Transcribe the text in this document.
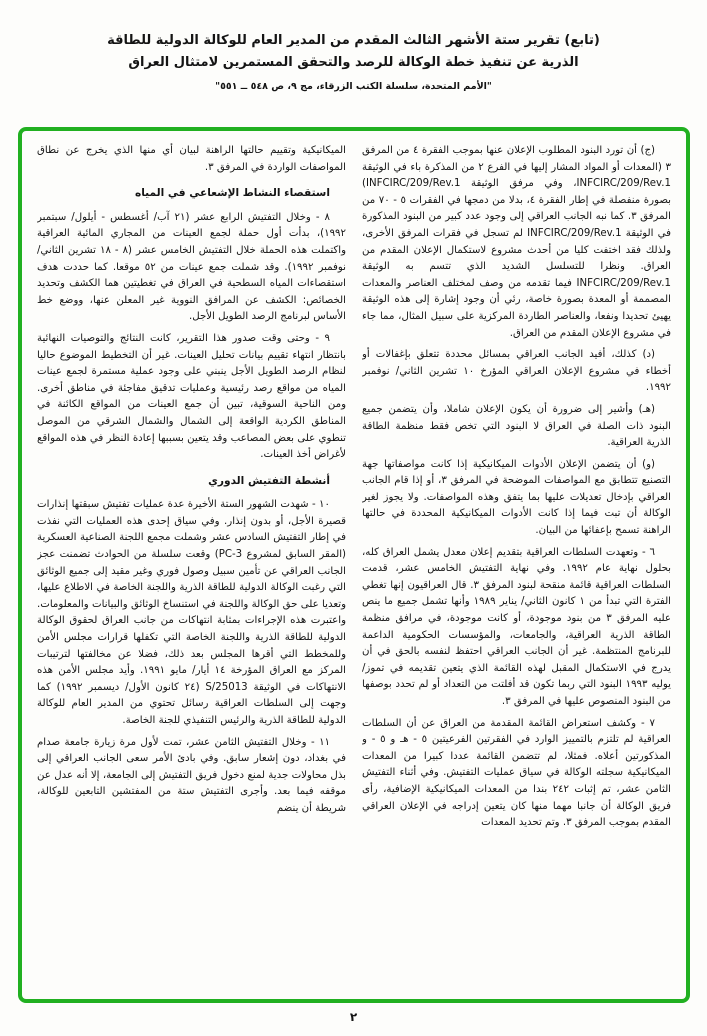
(تابع) تقرير ستة الأشهر الثالث المقدم من المدير العام للوكالة الدولية للطاقة
الذرية عن تنفيذ خطة الوكالة للرصد والتحقق المستمرين لامتثال العراق
"الأمم المتحدة، سلسلة الكتب الزرقاء، مج ٩، ص ٥٤٨ ــ ٥٥١"
(ج) أن تورد البنود المطلوب الإعلان عنها بموجب الفقرة ٤ من المرفق ٣ (المعدات أو المواد المشار إليها في الفرع ٢ من المذكرة باء في الوثيقة INFCIRC/209/Rev.1، وفي مرفق الوثيقة INFCIRC/209/Rev.1) بصورة منفصلة في إطار الفقرة ٤، بدلا من دمجها في الفقرات ٥ - ٧٠ من المرفق ٣. كما نبه الجانب العراقي إلى وجود عدد كبير من البنود المذكورة في الوثيقة INFCIRC/209/Rev.1 لم تسجل في فقرات المرفق الأخرى، ولذلك فقد اختفت كليا من أحدث مشروع لاستكمال الإعلان المقدم من العراق. ونظرا للتسلسل الشديد الذي تتسم به الوثيقة INFCIRC/209/Rev.1 فيما تقدمه من وصف لمختلف العناصر والمعدات المصممة أو المعدة بصورة خاصة، رئي أن وجود إشارة إلى هذه الوثيقة يهيئ تحديدا ونفعا، والعناصر الطاردة المركزية على سبيل المثال، مما جاء في مشروع الإعلان المقدم من العراق.
(د) كذلك، أفيد الجانب العراقي بمسائل محددة تتعلق بإغفالات أو أخطاء في مشروع الإعلان العراقي المؤرخ ١٠ تشرين الثاني/ نوفمبر ١٩٩٢.
(هـ) وأشير إلى ضرورة أن يكون الإعلان شاملا، وأن يتضمن جميع البنود ذات الصلة في العراق لا البنود التي تخص فقط منظمة الطاقة الذرية العراقية.
(و) أن يتضمن الإعلان الأدوات الميكانيكية إذا كانت مواصفاتها جهة التصنيع تتطابق مع المواصفات الموضحة في المرفق ٣، أو إذا قام الجانب العراقي بإدخال تعديلات عليها بما يتفق وهذه المواصفات. ولا يجوز لغير الوكالة أن تبت فيما إذا كانت الأدوات الميكانيكية المحددة في حالتها الراهنة تسمح بإعفائها من البيان.
٦ - وتعهدت السلطات العراقية بتقديم إعلان معدل يشمل العراق كله، بحلول نهاية عام ١٩٩٢. وفي نهاية التفتيش الخامس عشر، قدمت السلطات العراقية قائمة منقحة لبنود المرفق ٣. قال العراقيون إنها تغطي الفترة التي تبدأ من ١ كانون الثاني/ يناير ١٩٨٩ وأنها تشمل جميع ما ينص عليه المرفق ٣ من بنود موجودة، أو كانت موجودة، في مرافق منظمة الطاقة الذرية العراقية، والجامعات، والمؤسسات الحكومية الداعمة للبرنامج المنتظمة. غير أن الجانب العراقي احتفظ لنفسه بالحق في أن يدرج في الاستكمال المقبل لهذه القائمة الذي يتعين تقديمه في تموز/ يوليه ١٩٩٣ البنود التي ربما تكون قد أفلتت من التعداد أو لم تحدد بوصفها من البنود المنصوص عليها في المرفق ٣.
٧ - وكشف استعراض القائمة المقدمة من العراق عن أن السلطات العراقية لم تلتزم بالتمييز الوارد في الفقرتين الفرعيتين ٥ - هـ و ٥ - و المذكورتين أعلاه. فمثلا، لم تتضمن القائمة عددا كبيرا من المعدات الميكانيكية سجلته الوكالة في سياق عمليات التفتيش. وفي أثناء التفتيش الثامن عشر، تم إثبات ٢٤٢ بندا من المعدات الميكانيكية الإضافية، رأى فريق الوكالة أن جانبا مهما منها كان يتعين إدراجه في الإعلان العراقي المقدم بموجب المرفق ٣. وتم تحديد المعدات
الميكانيكية وتقييم حالتها الراهنة لبيان أي منها الذي يخرج عن نطاق المواصفات الواردة في المرفق ٣.
استقصاء النشاط الإشعاعي في المياه
٨ - وخلال التفتيش الرابع عشر (٢١ آب/ أغسطس - أيلول/ سبتمبر ١٩٩٢)، بدأت أول حملة لجمع العينات من المجاري المائية العراقية واكتملت هذه الحملة خلال التفتيش الخامس عشر (٨ - ١٨ تشرين الثاني/ نوفمبر ١٩٩٢). وقد شملت جمع عينات من ٥٢ موقعا. كما حددت هدف استقصاءات المياه السطحية في العراق في تغطيتين هما الكشف وتحديد الخصائص: الكشف عن المرافق النووية غير المعلن عنها، ووضع خط الأساس لبرنامج الرصد الطويل الأجل.
٩ - وحتى وقت صدور هذا التقرير، كانت النتائج والتوصيات النهائية بانتظار انتهاء تقييم بيانات تحليل العينات. غير أن التخطيط الموضوع حاليا لنظام الرصد الطويل الأجل ينبني على وجود عملية مستمرة لجمع عينات المياه من مواقع رصد رئيسية وعمليات تدقيق مفاجئة في مناطق أخرى. ومن الناحية السوقية، تبين أن جمع العينات من المواقع الكائنة في المناطق الكردية الواقعة إلى الشمال والشمال الشرقي من الموصل تنطوي على بعض المصاعب وقد يتعين بسببها إعادة النظر في هذه المواقع لأغراض أخذ العينات.
أنشطة التفتيش الدوري
١٠ - شهدت الشهور الستة الأخيرة عدة عمليات تفتيش سبقتها إنذارات قصيرة الأجل، أو بدون إنذار. وفي سياق إحدى هذه العمليات التي نفذت في إطار التفتيش السادس عشر وشملت مجمع اللجنة الصناعية العسكرية (المقر السابق لمشروع PC-3) وقعت سلسلة من الحوادث تضمنت عجز الجانب العراقي عن تأمين سبيل وصول فوري وغير مقيد إلى جميع الوثائق التي رغبت الوكالة الدولية للطاقة الذرية واللجنة الخاصة في الاطلاع عليها، وتعديا على حق الوكالة واللجنة في استنساخ الوثائق والبيانات والمعلومات. واعتبرت هذه الإجراءات بمثابة انتهاكات من جانب العراق لحقوق الوكالة الدولية للطاقة الذرية واللجنة الخاصة التي تكفلها قرارات مجلس الأمن وللمخطط التي أقرها المجلس بعد ذلك، فضلا عن مخالفتها لترتيبات المركز مع العراق المؤرخة ١٤ أيار/ مايو ١٩٩١. وأيد مجلس الأمن هذه الانتهاكات في الوثيقة S/25013 (٢٤ كانون الأول/ ديسمبر ١٩٩٢) كما وجهت إلى السلطات العراقية رسائل تحتوي من المدير العام للوكالة الدولية للطاقة الذرية والرئيس التنفيذي للجنة الخاصة.
١١ - وخلال التفتيش الثامن عشر، تمت لأول مرة زيارة جامعة صدام في بغداد، دون إشعار سابق. وفي بادئ الأمر سعى الجانب العراقي إلى بذل محاولات جدية لمنع دخول فريق التفتيش إلى الجامعة، إلا أنه عدل عن موقفه فيما بعد. وأجرى التفتيش ستة من المفتشين التابعين للوكالة، شريطة أن ينضم
٢
